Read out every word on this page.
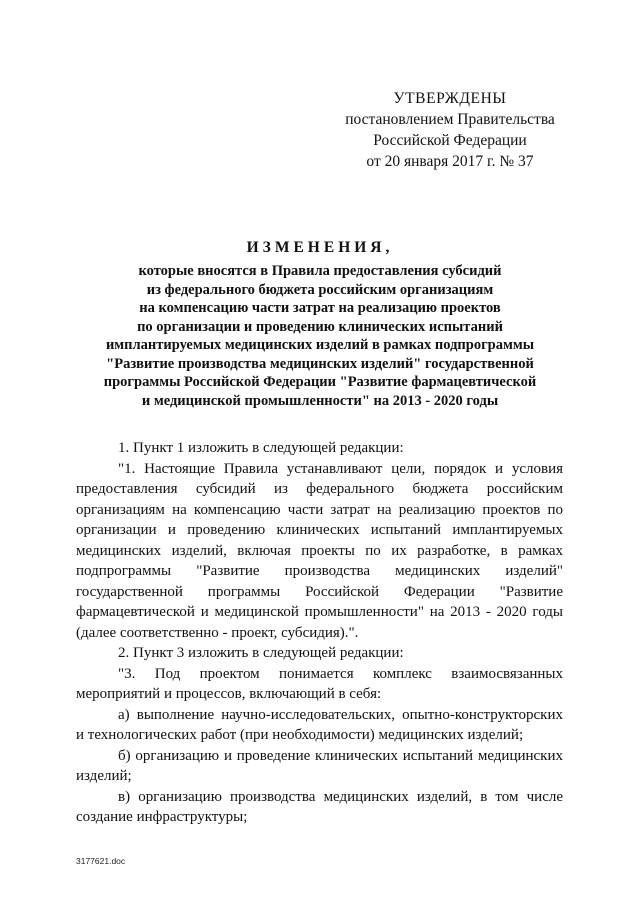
УТВЕРЖДЕНЫ
постановлением Правительства
Российской Федерации
от 20 января 2017 г. № 37
ИЗМЕНЕНИЯ,
которые вносятся в Правила предоставления субсидий
из федерального бюджета российским организациям
на компенсацию части затрат на реализацию проектов
по организации и проведению клинических испытаний
имплантируемых медицинских изделий в рамках подпрограммы
"Развитие производства медицинских изделий" государственной
программы Российской Федерации "Развитие фармацевтической
и медицинской промышленности" на 2013 - 2020 годы
1. Пункт 1 изложить в следующей редакции:
"1. Настоящие Правила устанавливают цели, порядок и условия
предоставления субсидий из федерального бюджета российским
организациям на компенсацию части затрат на реализацию проектов по
организации и проведению клинических испытаний имплантируемых
медицинских изделий, включая проекты по их разработке, в рамках
подпрограммы "Развитие производства медицинских изделий"
государственной программы Российской Федерации "Развитие
фармацевтической и медицинской промышленности" на 2013 - 2020 годы
(далее соответственно - проект, субсидия).".
2. Пункт 3 изложить в следующей редакции:
"3. Под проектом понимается комплекс взаимосвязанных
мероприятий и процессов, включающий в себя:
а) выполнение научно-исследовательских, опытно-конструкторских
и технологических работ (при необходимости) медицинских изделий;
б) организацию и проведение клинических испытаний медицинских
изделий;
в) организацию производства медицинских изделий, в том числе
создание инфраструктуры;
3177621.doc
